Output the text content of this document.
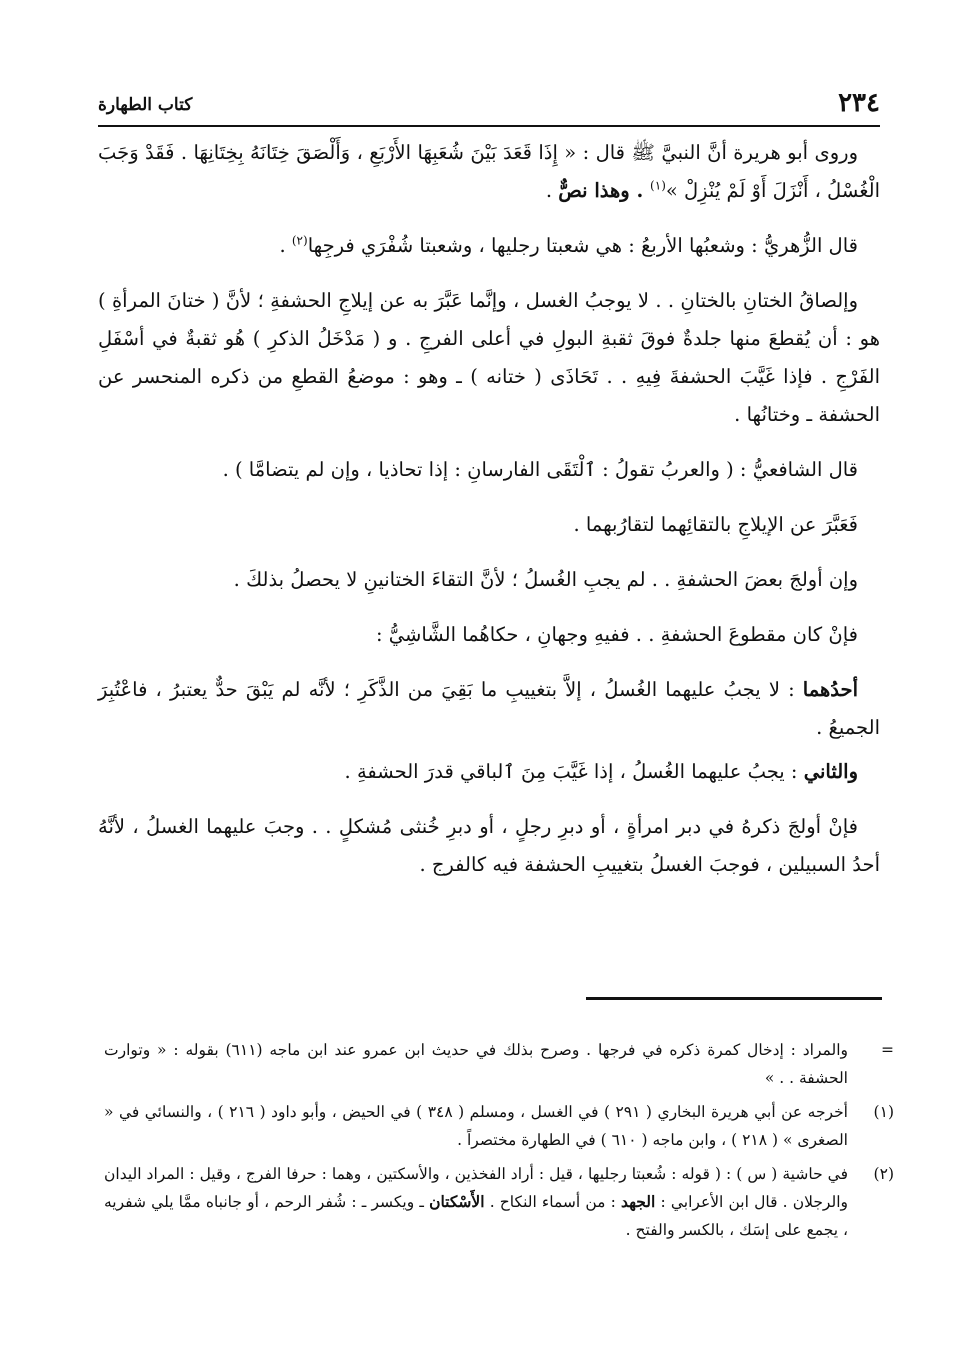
٢٣٤
كتاب الطهارة

وروى أبو هريرة أنَّ النبيَّ ﷺ قال : « إِذَا قَعَدَ بَيْنَ شُعَبِهَا الأَرْبَعِ ، وَأَلْصَقَ خِتَانَهُ بِخِتَانِهَا . فَقَدْ وَجَبَ الْغُسْلُ ، أَنْزَلَ أَوْ لَمْ يُنْزِلْ »$^{(١)}$ . وهذا نصٌّ .

قال الزُّهريُّ : وشعبُها الأربعُ : هي شعبتا رجليها ، وشعبتا شُفْرَي فرجِها$^{(٢)}$ .

وإلصاقُ الختانِ بالختانِ . . لا يوجبُ الغسل ، وإنَّما عَبَّرَ به عن إيلاجِ الحشفةِ ؛ لأنَّ ( ختانَ المرأةِ ) هو : أن يُقطعَ منها جلدةٌ فوقَ ثقبةِ البولِ في أعلى الفرجِ . و ( مَدْخَلُ الذكرِ ) هُو ثقبةٌ في أسْفَلِ الفَرْجِ . فإذا غَيَّبَ الحشفةَ فِيهِ . . تَحَاذَى ( ختانه ) ـ وهو : موضعُ القطعِ من ذكره المنحسر عن الحشفة ـ وختانُها .

قال الشافعيُّ : ( والعربُ تقولُ : ٱلْتَقَى الفارسانِ : إذا تحاذيا ، وإن لم يتضامَّا ) .

فَعَبَّرَ عن الإيلاجِ بالتقائِهما لتقارُبهما .

وإن أولجَ بعضَ الحشفةِ . . لم يجبِ الغُسلُ ؛ لأنَّ التقاءَ الختانينِ لا يحصلُ بذلكَ .

فإنْ كان مقطوعَ الحشفةِ . . ففيهِ وجهانِ ، حكاهُما الشَّاشِيُّ :

أحدُهما : لا يجبُ عليهما الغُسلُ ، إلاَّ بتغييبِ ما بَقِيَ من الذَّكَرِ ؛ لأنَّه لم يَبْقَ حدٌّ يعتبرُ ، فاعْتُبِرَ الجميعُ .

والثاني : يجبُ عليهما الغُسلُ ، إذا غَيَّبَ مِنَ ٱلباقي قدرَ الحشفةِ .

فإنْ أولجَ ذكرهُ في دبر امرأةٍ ، أو دبرِ رجلٍ ، أو دبرِ خُنثى مُشكلٍ . . وجبَ عليهما الغسلُ ، لأنَّهُ أحدُ السبيلين ، فوجبَ الغسلُ بتغييبِ الحشفة فيه كالفرج .

=
والمراد : إدخال كمرة ذكره في فرجها . وصرح بذلك في حديث ابن عمرو عند ابن ماجه (٦١١) بقوله : « وتوارت الحشفة . . »
(١)
أخرجه عن أبي هريرة البخاري ( ٢٩١ ) في الغسل ، ومسلم ( ٣٤٨ ) في الحيض ، وأبو داود ( ٢١٦ ) ، والنسائي في « الصغرى » ( ٢١٨ ) ، وابن ماجه ( ٦١٠ ) في الطهارة مختصراً .
(٢)
في حاشية ( س ) : ( قوله : شُعبتا رجليها ، قيل : أراد الفخذين ، والأسكتين ، وهما : حرفا الفرج ، وقيل : المراد اليدان والرجلان . قال ابن الأعرابي : الجهد : من أسماء النكاح . الأَسْكتان ـ ويكسر ـ : شُفر الرحم ، أو جانباه ممَّا يلي شفريه ، يجمع على إسَك ، بالكسر والفتح .
